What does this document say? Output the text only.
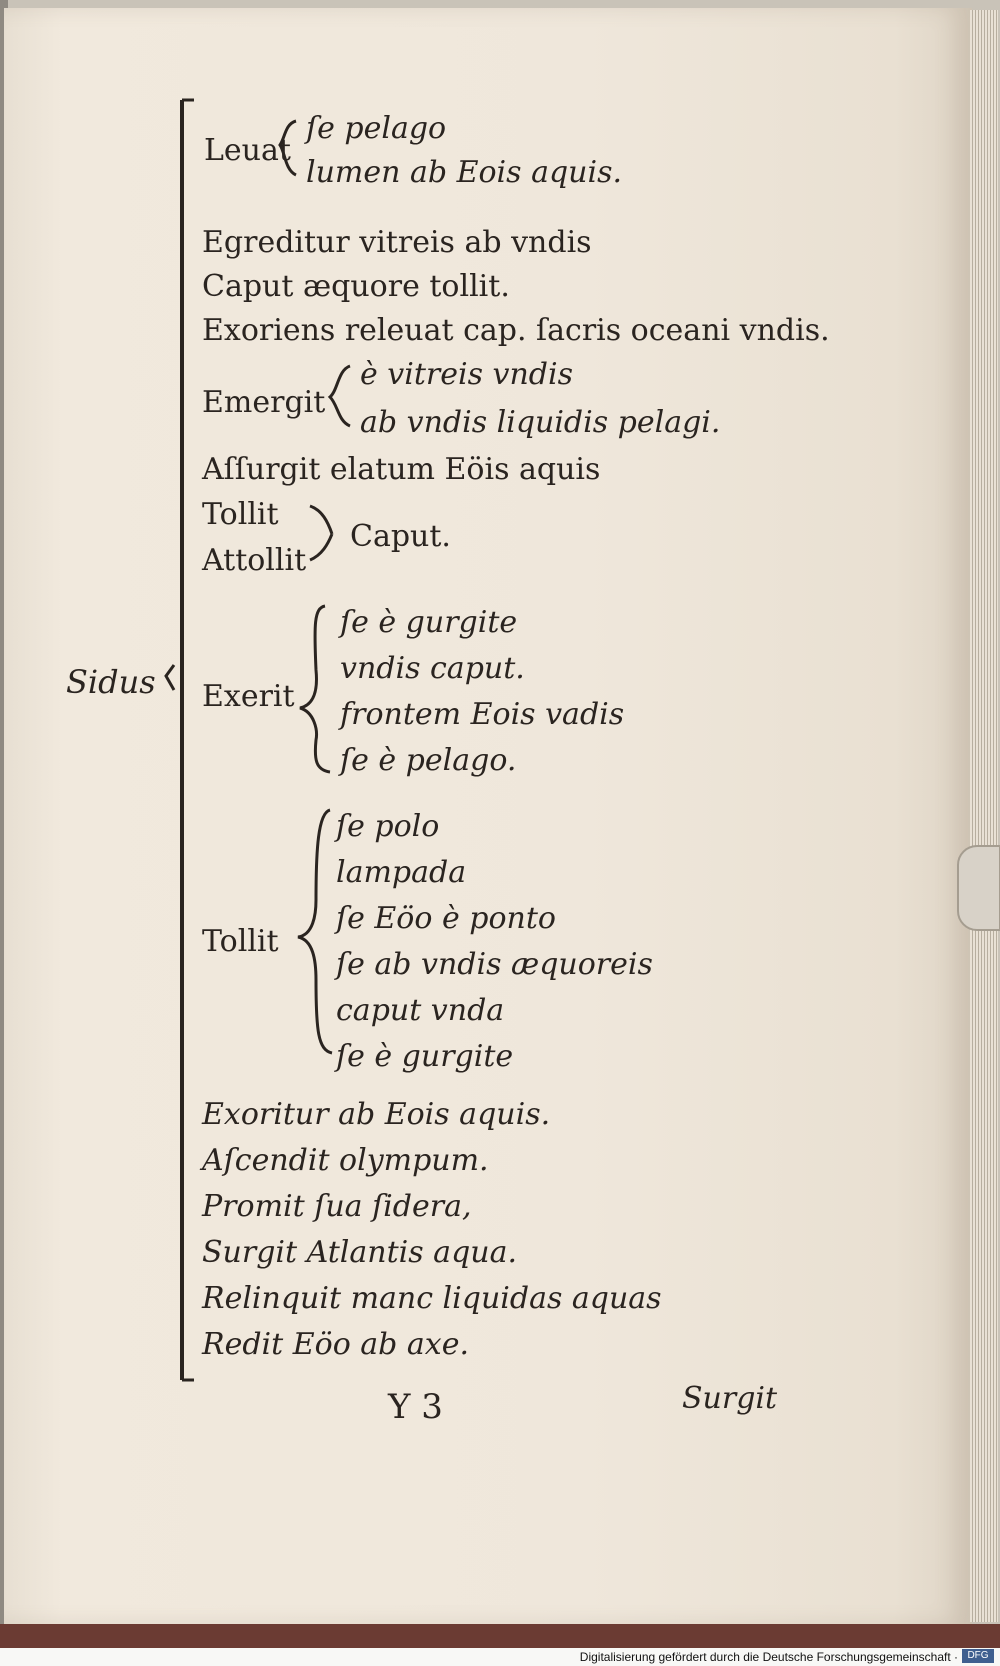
Sidus
Leuat
ſe pelago
lumen ab Eois aquis.
Egreditur vitreis ab vndis
Caput æquore tollit.
Exoriens releuat cap. ſacris oceani vndis.
Emergit
è vitreis vndis
ab vndis liquidis pelagi.
Aſſurgit elatum Eöis aquis
Tollit
Attollit
Caput.
Exerit
ſe è gurgite
vndis caput.
frontem Eois vadis
ſe è pelago.
Tollit
ſe polo
lampada
ſe Eöo è ponto
ſe ab vndis æquoreis
caput vnda
ſe è gurgite
Exoritur ab Eois aquis.
Aſcendit olympum.
Promit ſua ſidera,
Surgit Atlantis aqua.
Relinquit manc liquidas aquas
Redit Eöo ab axe.
Y 3	Surgit
Digitalisierung gefördert durch die Deutsche Forschungsgemeinschaft · DFG
